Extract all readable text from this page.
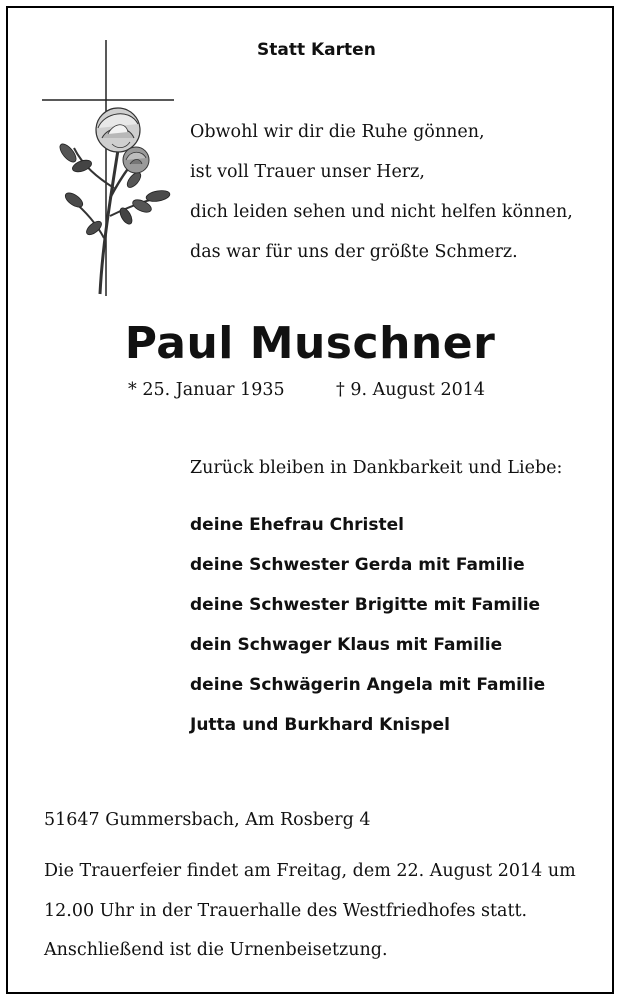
Statt Karten
Obwohl wir dir die Ruhe gönnen,
ist voll Trauer unser Herz,
dich leiden sehen und nicht helfen können,
das war für uns der größte Schmerz.
Paul Muschner
* 25. Januar 1935	† 9. August 2014
Zurück bleiben in Dankbarkeit und Liebe:
deine Ehefrau Christel
deine Schwester Gerda mit Familie
deine Schwester Brigitte mit Familie
dein Schwager Klaus mit Familie
deine Schwägerin Angela mit Familie
Jutta und Burkhard Knispel
51647 Gummersbach, Am Rosberg 4
Die Trauerfeier findet am Freitag, dem 22. August 2014 um
12.00 Uhr in der Trauerhalle des Westfriedhofes statt.
Anschließend ist die Urnenbeisetzung.
